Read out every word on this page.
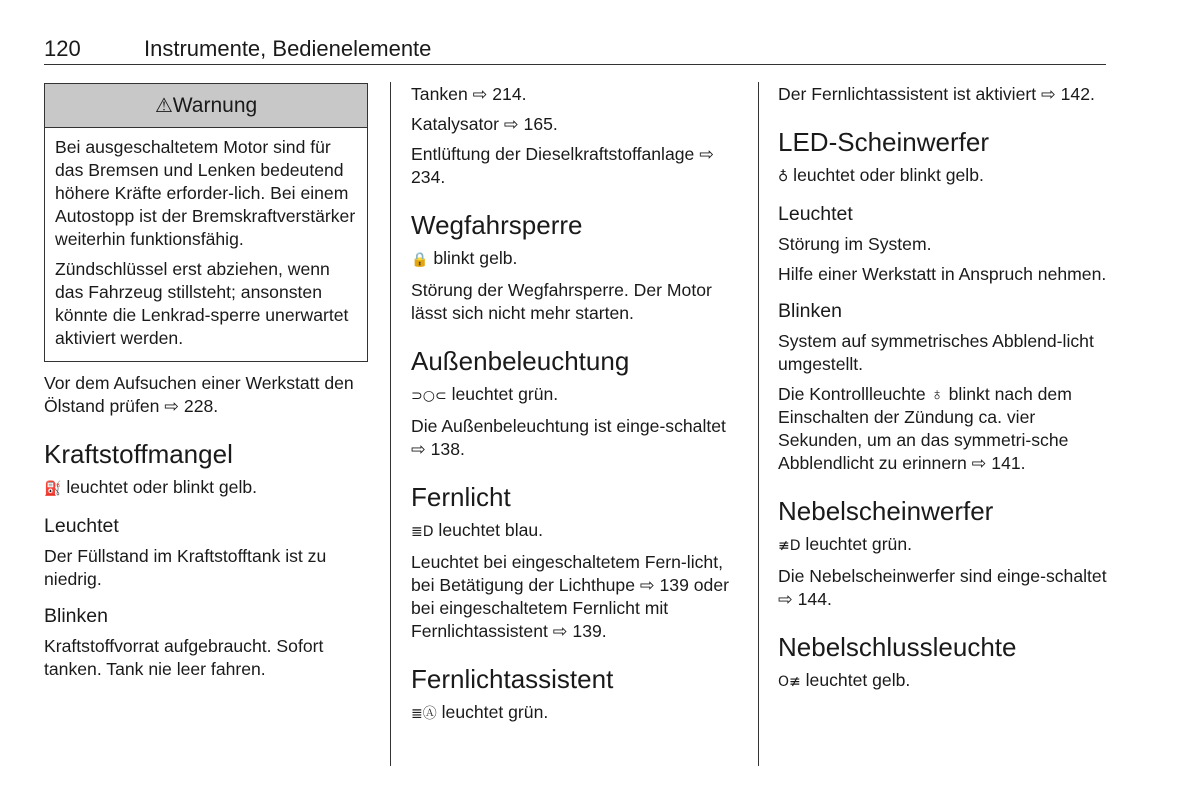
120	Instrumente, Bedienelemente
⚠Warnung

Bei ausgeschaltetem Motor sind für das Bremsen und Lenken bedeutend höhere Kräfte erforder-lich. Bei einem Autostopp ist der Bremskraftverstärker weiterhin funktionsfähig.

Zündschlüssel erst abziehen, wenn das Fahrzeug stillsteht; ansonsten könnte die Lenkrad-sperre unerwartet aktiviert werden.

Vor dem Aufsuchen einer Werkstatt den Ölstand prüfen ⇨ 228.

Kraftstoffmangel

⛽ leuchtet oder blinkt gelb.

Leuchtet

Der Füllstand im Kraftstofftank ist zu niedrig.

Blinken

Kraftstoffvorrat aufgebraucht. Sofort tanken. Tank nie leer fahren.

Tanken ⇨ 214.

Katalysator ⇨ 165.

Entlüftung der Dieselkraftstoffanlage ⇨ 234.

Wegfahrsperre

🔒 blinkt gelb.

Störung der Wegfahrsperre. Der Motor lässt sich nicht mehr starten.

Außenbeleuchtung

⊃○⊂ leuchtet grün.

Die Außenbeleuchtung ist einge-schaltet ⇨ 138.

Fernlicht

≣D leuchtet blau.

Leuchtet bei eingeschaltetem Fern-licht, bei Betätigung der Lichthupe ⇨ 139 oder bei eingeschaltetem Fernlicht mit Fernlichtassistent ⇨ 139.

Fernlichtassistent

≣Ⓐ leuchtet grün.

Der Fernlichtassistent ist aktiviert ⇨ 142.

LED-Scheinwerfer

♁ leuchtet oder blinkt gelb.

Leuchtet

Störung im System.

Hilfe einer Werkstatt in Anspruch nehmen.

Blinken

System auf symmetrisches Abblend-licht umgestellt.

Die Kontrollleuchte ♁ blinkt nach dem Einschalten der Zündung ca. vier Sekunden, um an das symmetri-sche Abblendlicht zu erinnern ⇨ 141.

Nebelscheinwerfer

≢D leuchtet grün.

Die Nebelscheinwerfer sind einge-schaltet ⇨ 144.

Nebelschlussleuchte

O≢ leuchtet gelb.
